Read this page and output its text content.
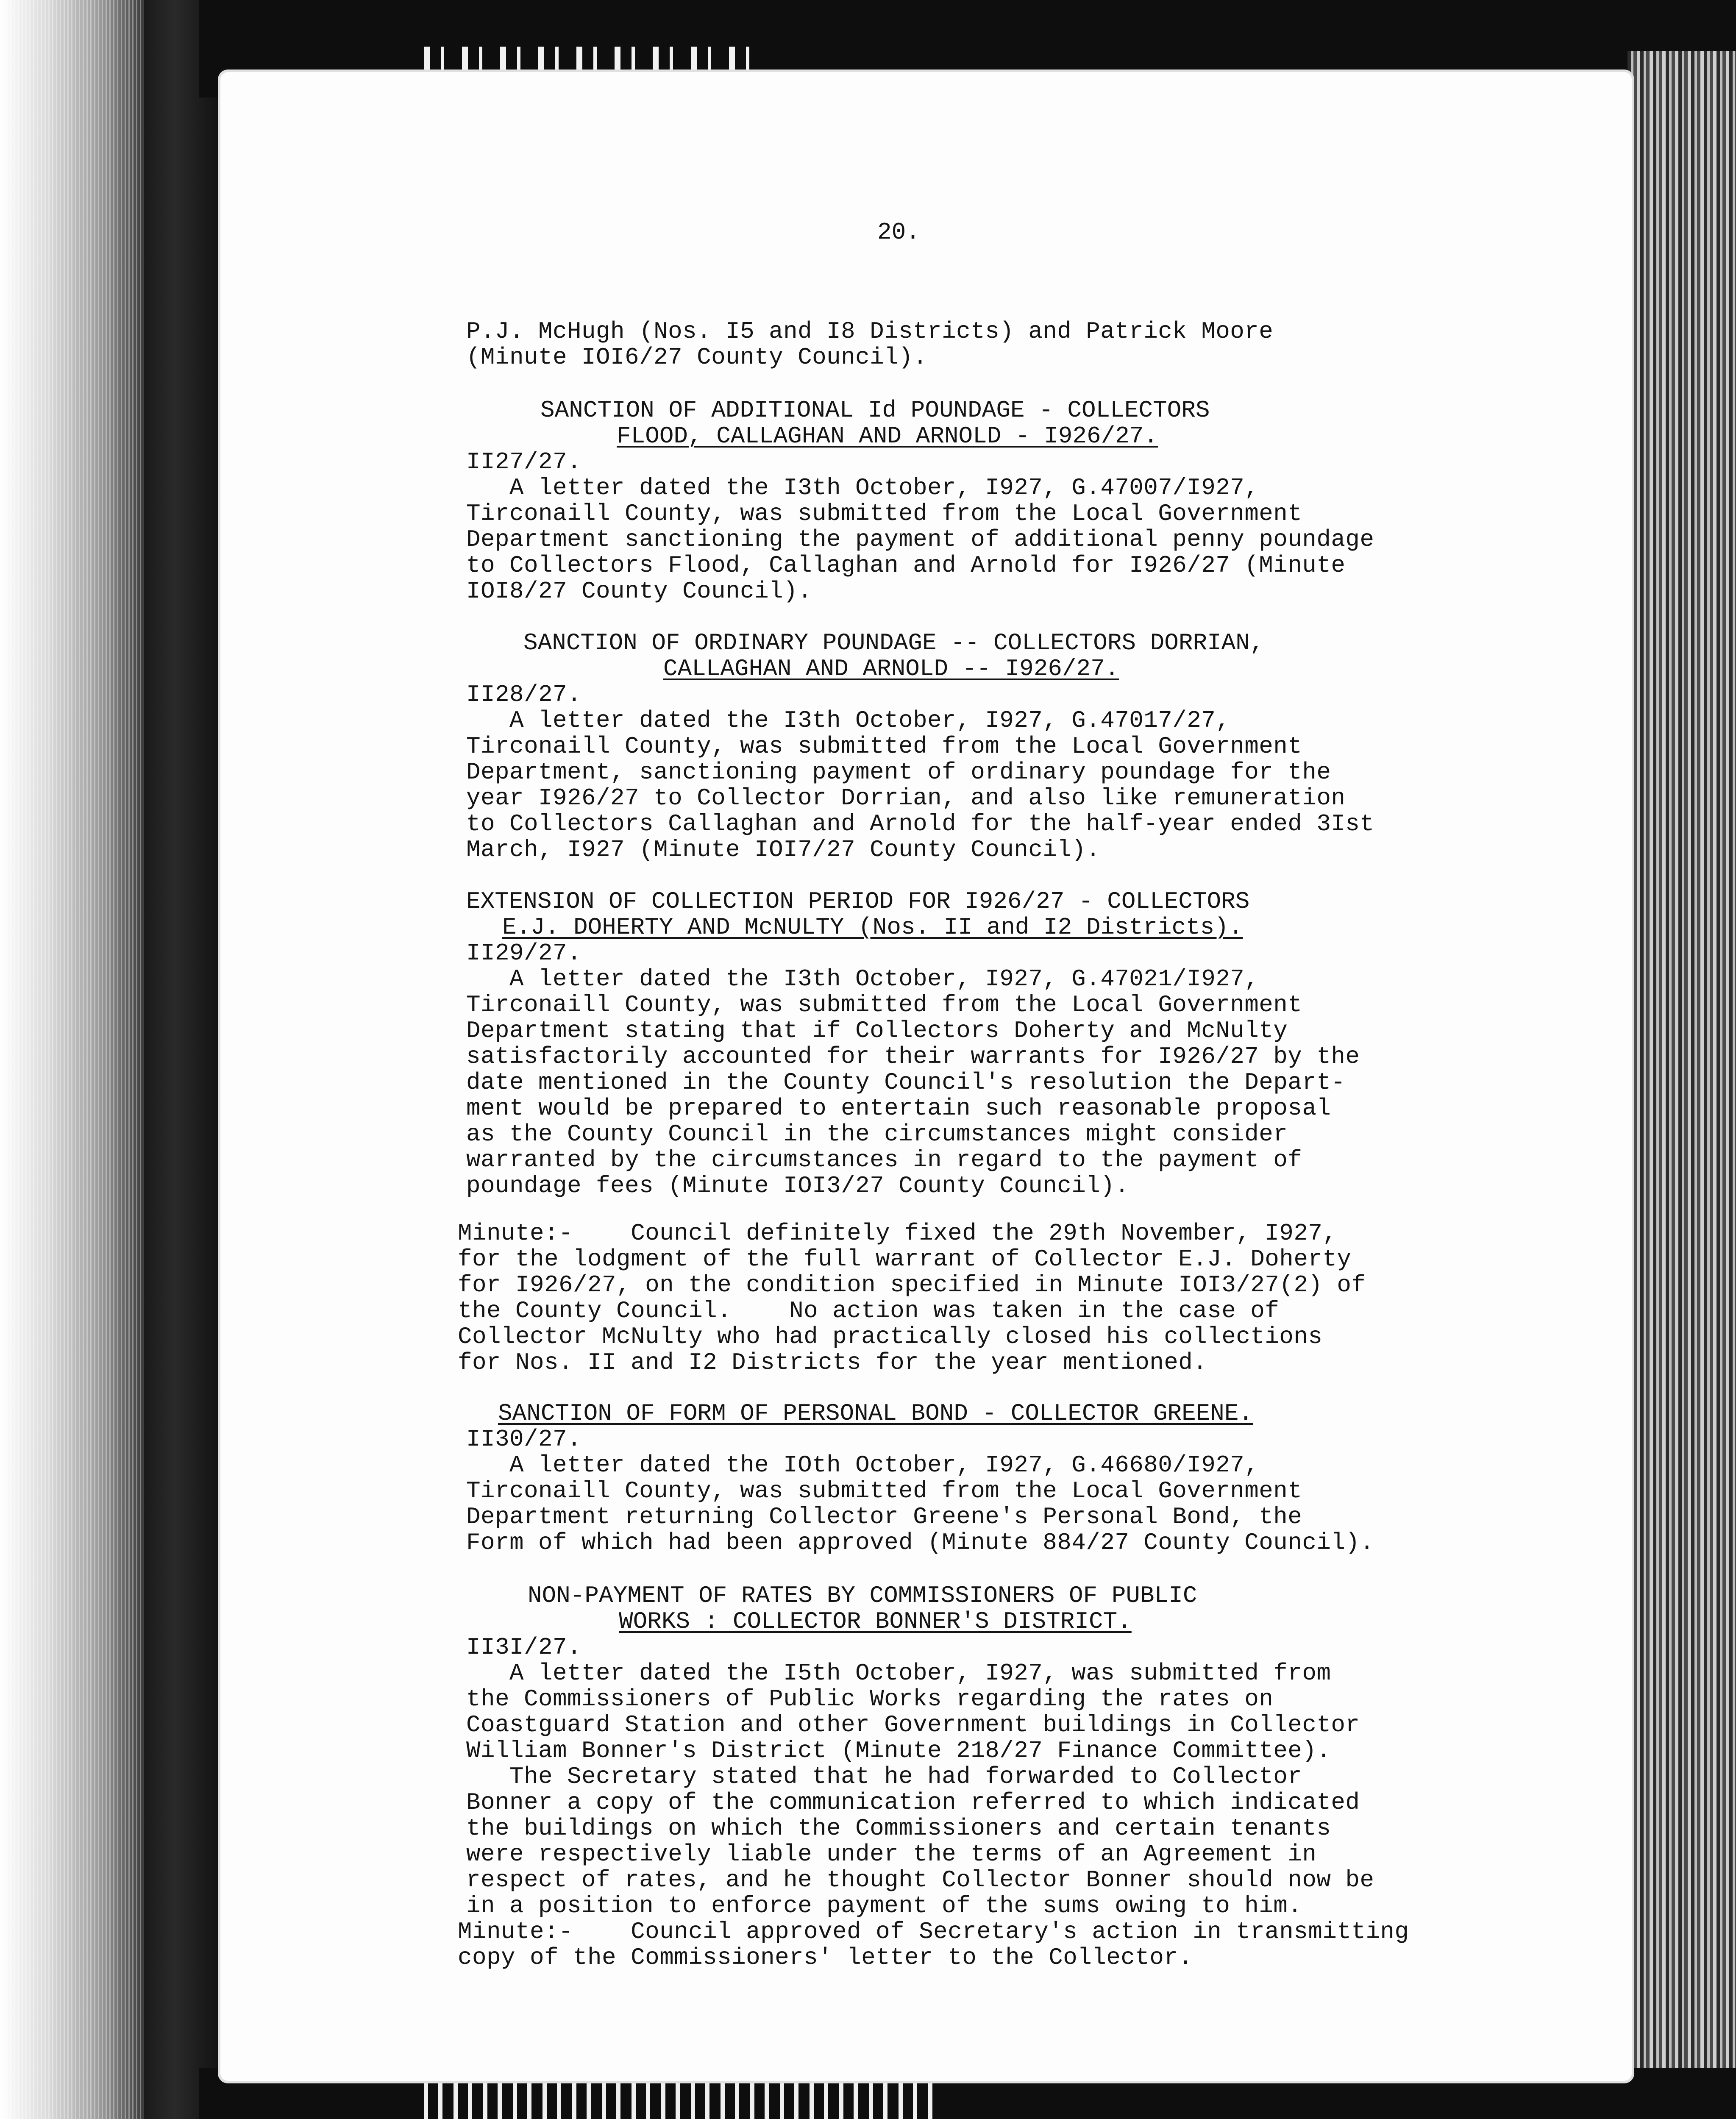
20.
P.J. McHugh (Nos. I5 and I8 Districts) and Patrick Moore
(Minute IOI6/27 County Council).
SANCTION OF ADDITIONAL Id POUNDAGE - COLLECTORS
FLOOD, CALLAGHAN AND ARNOLD - I926/27.
II27/27.
A letter dated the I3th October, I927, G.47007/I927,
Tirconaill County, was submitted from the Local Government
Department sanctioning the payment of additional penny poundage
to Collectors Flood, Callaghan and Arnold for I926/27 (Minute
IOI8/27 County Council).
SANCTION OF ORDINARY POUNDAGE -- COLLECTORS DORRIAN,
CALLAGHAN AND ARNOLD -- I926/27.
II28/27.
A letter dated the I3th October, I927, G.47017/27,
Tirconaill County, was submitted from the Local Government
Department, sanctioning payment of ordinary poundage for the
year I926/27 to Collector Dorrian, and also like remuneration
to Collectors Callaghan and Arnold for the half-year ended 3Ist
March, I927 (Minute IOI7/27 County Council).
EXTENSION OF COLLECTION PERIOD FOR I926/27 - COLLECTORS
E.J. DOHERTY AND McNULTY (Nos. II and I2 Districts).
II29/27.
A letter dated the I3th October, I927, G.47021/I927,
Tirconaill County, was submitted from the Local Government
Department stating that if Collectors Doherty and McNulty
satisfactorily accounted for their warrants for I926/27 by the
date mentioned in the County Council's resolution the Depart-
ment would be prepared to entertain such reasonable proposal
as the County Council in the circumstances might consider
warranted by the circumstances in regard to the payment of
poundage fees (Minute IOI3/27 County Council).
Minute:-    Council definitely fixed the 29th November, I927,
for the lodgment of the full warrant of Collector E.J. Doherty
for I926/27, on the condition specified in Minute IOI3/27(2) of
the County Council.    No action was taken in the case of
Collector McNulty who had practically closed his collections
for Nos. II and I2 Districts for the year mentioned.
SANCTION OF FORM OF PERSONAL BOND - COLLECTOR GREENE.
II30/27.
A letter dated the IOth October, I927, G.46680/I927,
Tirconaill County, was submitted from the Local Government
Department returning Collector Greene's Personal Bond, the
Form of which had been approved (Minute 884/27 County Council).
NON-PAYMENT OF RATES BY COMMISSIONERS OF PUBLIC
WORKS : COLLECTOR BONNER'S DISTRICT.
II3I/27.
A letter dated the I5th October, I927, was submitted from
the Commissioners of Public Works regarding the rates on
Coastguard Station and other Government buildings in Collector
William Bonner's District (Minute 218/27 Finance Committee).
The Secretary stated that he had forwarded to Collector
Bonner a copy of the communication referred to which indicated
the buildings on which the Commissioners and certain tenants
were respectively liable under the terms of an Agreement in
respect of rates, and he thought Collector Bonner should now be
in a position to enforce payment of the sums owing to him.
Minute:-    Council approved of Secretary's action in transmitting
copy of the Commissioners' letter to the Collector.
